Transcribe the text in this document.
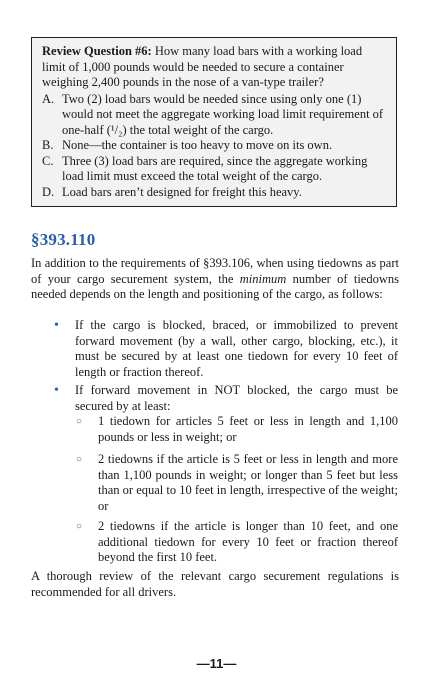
Review Question #6: How many load bars with a working load limit of 1,000 pounds would be needed to secure a container weighing 2,400 pounds in the nose of a van-type trailer?

A. Two (2) load bars would be needed since using only one (1) would not meet the aggregate working load limit requirement of one-half (¹/₂) the total weight of the cargo.
B. None—the container is too heavy to move on its own.
C. Three (3) load bars are required, since the aggregate working load limit must exceed the total weight of the cargo.
D. Load bars aren’t designed for freight this heavy.
§393.110
In addition to the requirements of §393.106, when using tiedowns as part of your cargo securement system, the minimum number of tiedowns needed depends on the length and positioning of the cargo, as follows:
•	If the cargo is blocked, braced, or immobilized to prevent forward movement (by a wall, other cargo, blocking, etc.), it must be secured by at least one tiedown for every 10 feet of length or fraction thereof.
•	If forward movement in NOT blocked, the cargo must be secured by at least:
○	1 tiedown for articles 5 feet or less in length and 1,100 pounds or less in weight; or
○	2 tiedowns if the article is 5 feet or less in length and more than 1,100 pounds in weight; or longer than 5 feet but less than or equal to 10 feet in length, irrespective of the weight; or
○	2 tiedowns if the article is longer than 10 feet, and one additional tiedown for every 10 feet or fraction thereof beyond the first 10 feet.
A thorough review of the relevant cargo securement regulations is recommended for all drivers.
—11—
